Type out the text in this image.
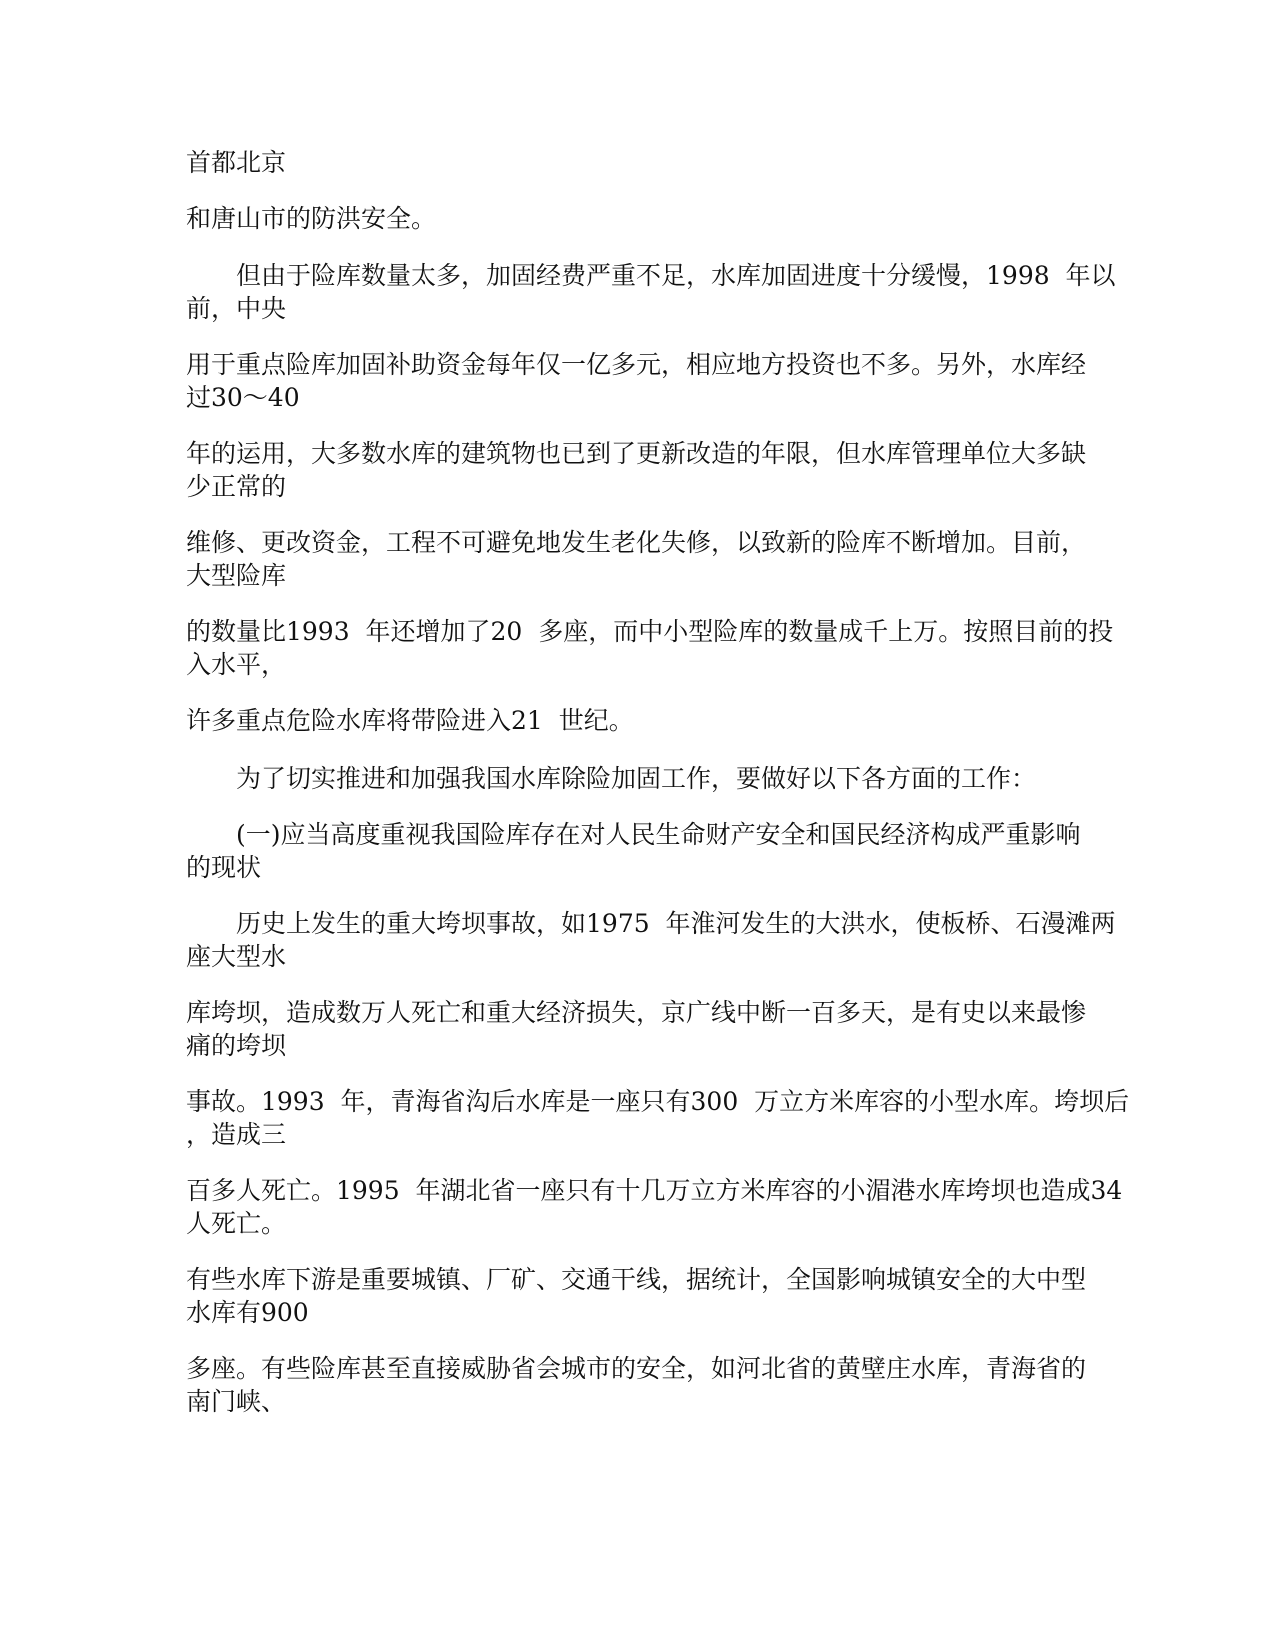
首都北京

和唐山市的防洪安全。

　　但由于险库数量太多，加固经费严重不足，水库加固进度十分缓慢，1998  年以
前，中央

用于重点险库加固补助资金每年仅一亿多元，相应地方投资也不多。另外，水库经
过30～40

年的运用，大多数水库的建筑物也已到了更新改造的年限，但水库管理单位大多缺
少正常的

维修、更改资金，工程不可避免地发生老化失修，以致新的险库不断增加。目前，
大型险库

的数量比1993  年还增加了20  多座，而中小型险库的数量成千上万。按照目前的投
入水平，

许多重点危险水库将带险进入21  世纪。

　　为了切实推进和加强我国水库除险加固工作，要做好以下各方面的工作：

　　(一)应当高度重视我国险库存在对人民生命财产安全和国民经济构成严重影响
的现状

　　历史上发生的重大垮坝事故，如1975  年淮河发生的大洪水，使板桥、石漫滩两
座大型水

库垮坝，造成数万人死亡和重大经济损失，京广线中断一百多天，是有史以来最惨
痛的垮坝

事故。1993  年，青海省沟后水库是一座只有300  万立方米库容的小型水库。垮坝后
，造成三

百多人死亡。1995  年湖北省一座只有十几万立方米库容的小湄港水库垮坝也造成34
人死亡。

有些水库下游是重要城镇、厂矿、交通干线，据统计，全国影响城镇安全的大中型
水库有900

多座。有些险库甚至直接威胁省会城市的安全，如河北省的黄壁庄水库，青海省的
南门峡、
